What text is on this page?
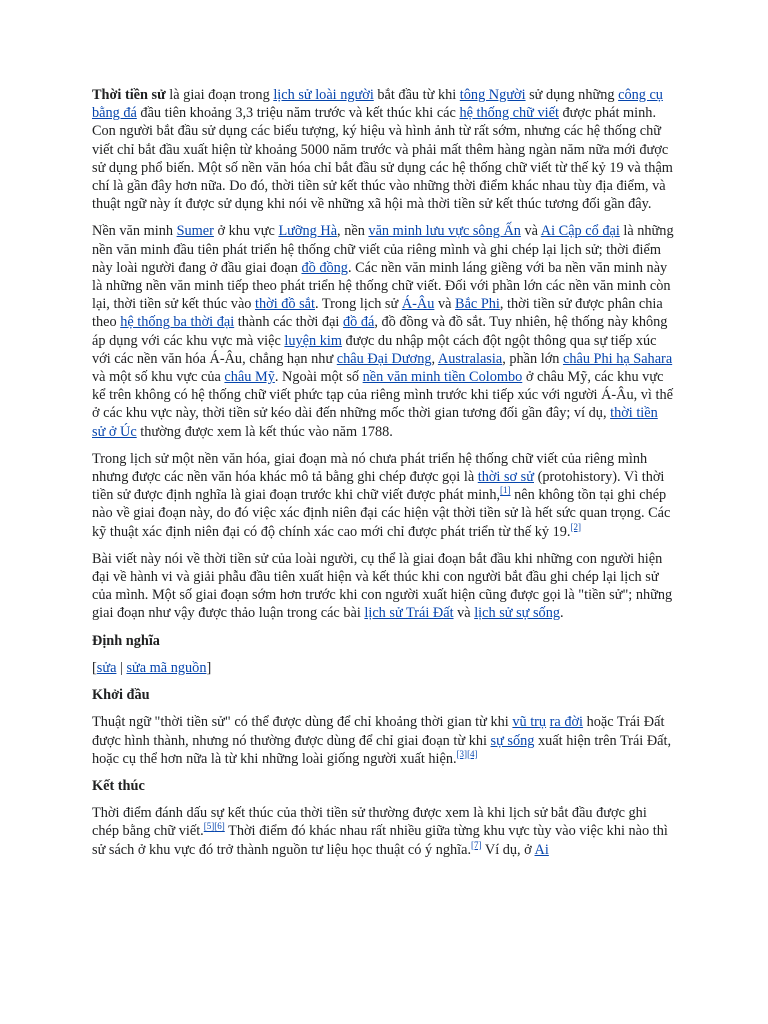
Thời tiền sử là giai đoạn trong lịch sử loài người bắt đầu từ khi tông Người sử dụng những công cụ bằng đá đầu tiên khoảng 3,3 triệu năm trước và kết thúc khi các hệ thống chữ viết được phát minh. Con người bắt đầu sử dụng các biểu tượng, ký hiệu và hình ảnh từ rất sớm, nhưng các hệ thống chữ viết chỉ bắt đầu xuất hiện từ khoảng 5000 năm trước và phải mất thêm hàng ngàn năm nữa mới được sử dụng phổ biến. Một số nền văn hóa chỉ bắt đầu sử dụng các hệ thống chữ viết từ thế kỷ 19 và thậm chí là gần đây hơn nữa. Do đó, thời tiền sử kết thúc vào những thời điểm khác nhau tùy địa điểm, và thuật ngữ này ít được sử dụng khi nói về những xã hội mà thời tiền sử kết thúc tương đối gần đây.

Nền văn minh Sumer ở khu vực Lưỡng Hà, nền văn minh lưu vực sông Ấn và Ai Cập cổ đại là những nền văn minh đầu tiên phát triển hệ thống chữ viết của riêng mình và ghi chép lại lịch sử; thời điểm này loài người đang ở đầu giai đoạn đồ đồng. Các nền văn minh láng giềng với ba nền văn minh này là những nền văn minh tiếp theo phát triển hệ thống chữ viết. Đối với phần lớn các nền văn minh còn lại, thời tiền sử kết thúc vào thời đồ sắt. Trong lịch sử Á-Âu và Bắc Phi, thời tiền sử được phân chia theo hệ thống ba thời đại thành các thời đại đồ đá, đồ đồng và đồ sắt. Tuy nhiên, hệ thống này không áp dụng với các khu vực mà việc luyện kim được du nhập một cách đột ngột thông qua sự tiếp xúc với các nền văn hóa Á-Âu, chẳng hạn như châu Đại Dương, Australasia, phần lớn châu Phi hạ Sahara và một số khu vực của châu Mỹ. Ngoài một số nền văn minh tiền Colombo ở châu Mỹ, các khu vực kể trên không có hệ thống chữ viết phức tạp của riêng mình trước khi tiếp xúc với người Á-Âu, vì thế ở các khu vực này, thời tiền sử kéo dài đến những mốc thời gian tương đối gần đây; ví dụ, thời tiền sử ở Úc thường được xem là kết thúc vào năm 1788.

Trong lịch sử một nền văn hóa, giai đoạn mà nó chưa phát triển hệ thống chữ viết của riêng mình nhưng được các nền văn hóa khác mô tả bằng ghi chép được gọi là thời sơ sử (protohistory). Vì thời tiền sử được định nghĩa là giai đoạn trước khi chữ viết được phát minh,[1] nên không tồn tại ghi chép nào về giai đoạn này, do đó việc xác định niên đại các hiện vật thời tiền sử là hết sức quan trọng. Các kỹ thuật xác định niên đại có độ chính xác cao mới chỉ được phát triển từ thế kỷ 19.[2]

Bài viết này nói về thời tiền sử của loài người, cụ thể là giai đoạn bắt đầu khi những con người hiện đại về hành vi và giải phẫu đầu tiên xuất hiện và kết thúc khi con người bắt đầu ghi chép lại lịch sử của mình. Một số giai đoạn sớm hơn trước khi con người xuất hiện cũng được gọi là "tiền sử"; những giai đoạn như vậy được thảo luận trong các bài lịch sử Trái Đất và lịch sử sự sống.

Định nghĩa

[sửa | sửa mã nguồn]

Khởi đầu

Thuật ngữ "thời tiền sử" có thể được dùng để chỉ khoảng thời gian từ khi vũ trụ ra đời hoặc Trái Đất được hình thành, nhưng nó thường được dùng để chỉ giai đoạn từ khi sự sống xuất hiện trên Trái Đất, hoặc cụ thể hơn nữa là từ khi những loài giống người xuất hiện.[3][4]

Kết thúc

Thời điểm đánh dấu sự kết thúc của thời tiền sử thường được xem là khi lịch sử bắt đầu được ghi chép bằng chữ viết.[5][6] Thời điểm đó khác nhau rất nhiều giữa từng khu vực tùy vào việc khi nào thì sử sách ở khu vực đó trở thành nguồn tư liệu học thuật có ý nghĩa.[7] Ví dụ, ở Ai
